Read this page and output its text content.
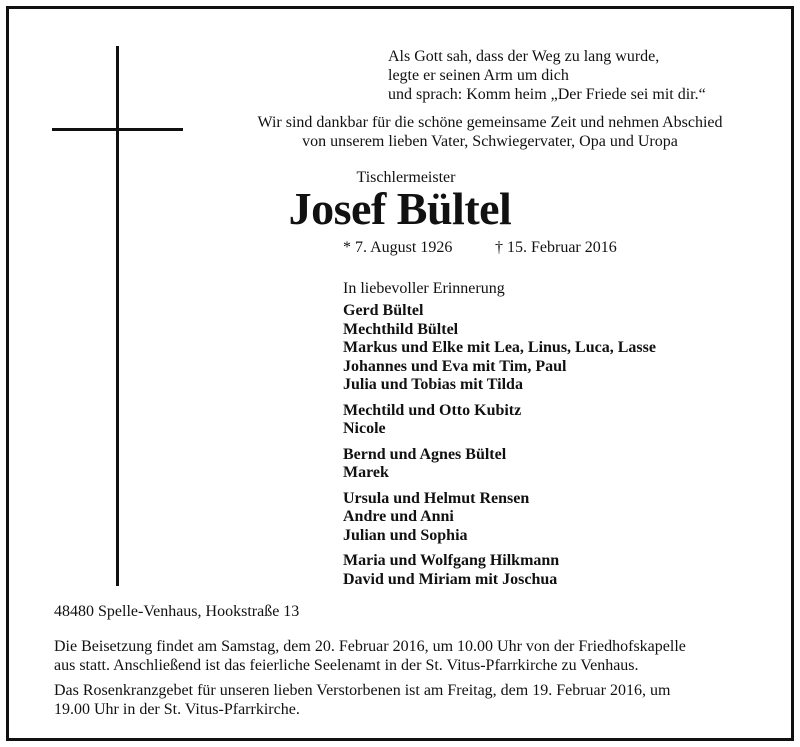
Als Gott sah, dass der Weg zu lang wurde,
legte er seinen Arm um dich
und sprach: Komm heim „Der Friede sei mit dir.“
Wir sind dankbar für die schöne gemeinsame Zeit und nehmen Abschied
von unserem lieben Vater, Schwiegervater, Opa und Uropa
Tischlermeister
Josef Bültel
* 7. August 1926	† 15. Februar 2016
In liebevoller Erinnerung
Gerd Bültel
Mechthild Bültel
Markus und Elke mit Lea, Linus, Luca, Lasse
Johannes und Eva mit Tim, Paul
Julia und Tobias mit Tilda
Mechtild und Otto Kubitz
Nicole
Bernd und Agnes Bültel
Marek
Ursula und Helmut Rensen
Andre und Anni
Julian und Sophia
Maria und Wolfgang Hilkmann
David und Miriam mit Joschua
48480 Spelle-Venhaus, Hookstraße 13
Die Beisetzung findet am Samstag, dem 20. Februar 2016, um 10.00 Uhr von der Friedhofskapelle
aus statt. Anschließend ist das feierliche Seelenamt in der St. Vitus-Pfarrkirche zu Venhaus.
Das Rosenkranzgebet für unseren lieben Verstorbenen ist am Freitag, dem 19. Februar 2016, um
19.00 Uhr in der St. Vitus-Pfarrkirche.
